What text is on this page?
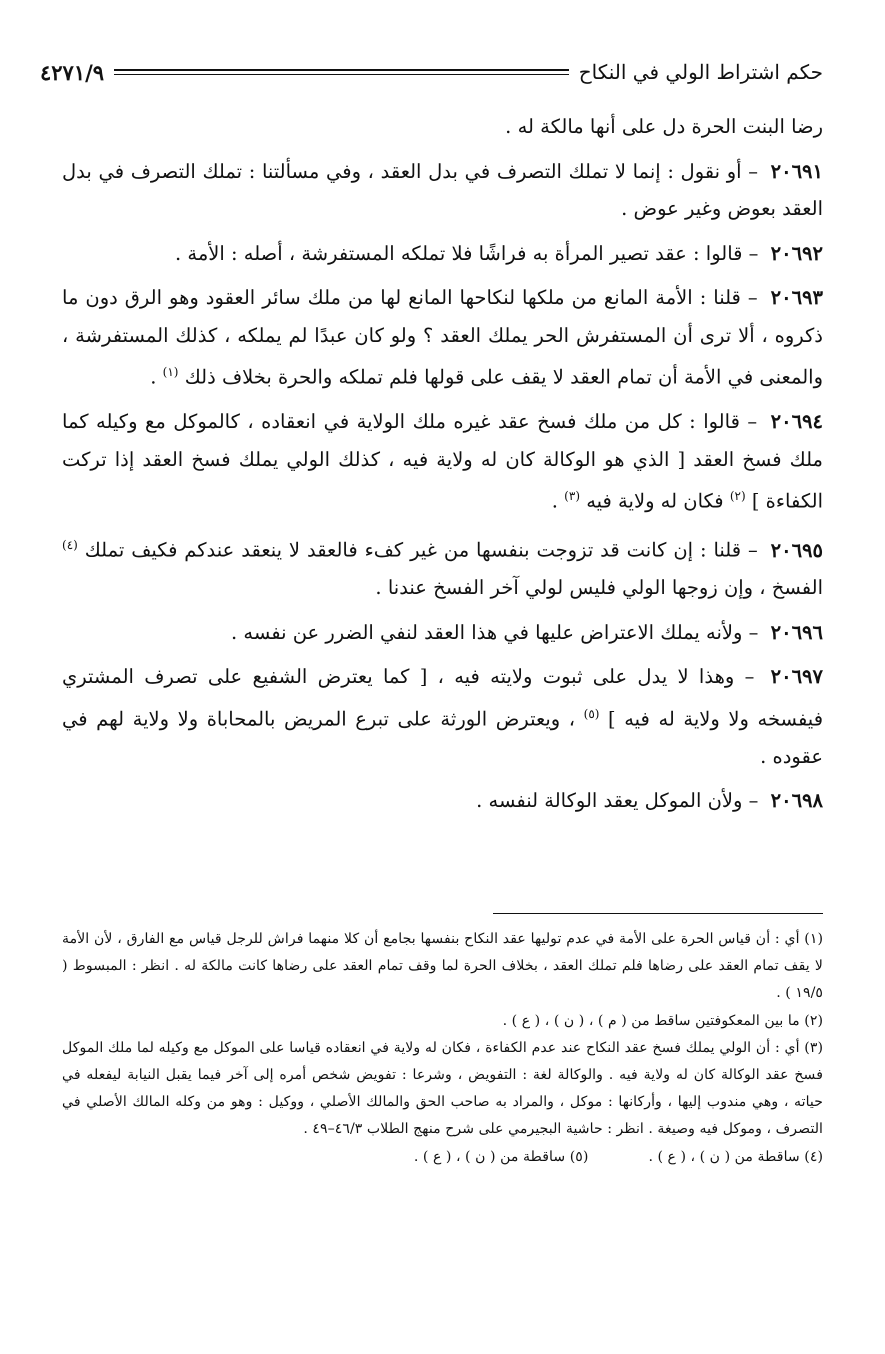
حكم اشتراط الولي في النكاح
٤٢٧١/٩

رضا البنت الحرة دل على أنها مالكة له .

٢٠٦٩١ – أو نقول : إنما لا تملك التصرف في بدل العقد ، وفي مسألتنا : تملك التصرف في بدل العقد بعوض وغير عوض .

٢٠٦٩٢ – قالوا : عقد تصير المرأة به فراشًا فلا تملكه المستفرشة ، أصله : الأمة .

٢٠٦٩٣ – قلنا : الأمة المانع من ملكها لنكاحها المانع لها من ملك سائر العقود وهو الرق دون ما ذكروه ، ألا ترى أن المستفرش الحر يملك العقد ؟ ولو كان عبدًا لم يملكه ، كذلك المستفرشة ، والمعنى في الأمة أن تمام العقد لا يقف على قولها فلم تملكه والحرة بخلاف ذلك $^{(١)}$ .

٢٠٦٩٤ – قالوا : كل من ملك فسخ عقد غيره ملك الولاية في انعقاده ، كالموكل مع وكيله كما ملك فسخ العقد [ الذي هو الوكالة كان له ولاية فيه ، كذلك الولي يملك فسخ العقد إذا تركت الكفاءة ] $^{(٢)}$ فكان له ولاية فيه $^{(٣)}$ .

٢٠٦٩٥ – قلنا : إن كانت قد تزوجت بنفسها من غير كفء فالعقد لا ينعقد عندكم فكيف تملك $^{(٤)}$ الفسخ ، وإن زوجها الولي فليس لولي آخر الفسخ عندنا .

٢٠٦٩٦ – ولأنه يملك الاعتراض عليها في هذا العقد لنفي الضرر عن نفسه .

٢٠٦٩٧ – وهذا لا يدل على ثبوت ولايته فيه ، [ كما يعترض الشفيع على تصرف المشتري فيفسخه ولا ولاية له فيه ] $^{(٥)}$ ، ويعترض الورثة على تبرع المريض بالمحاباة ولا ولاية لهم في عقوده .

٢٠٦٩٨ – ولأن الموكل يعقد الوكالة لنفسه .

(١) أي : أن قياس الحرة على الأمة في عدم توليها عقد النكاح بنفسها بجامع أن كلا منهما فراش للرجل قياس مع الفارق ، لأن الأمة لا يقف تمام العقد على رضاها فلم تملك العقد ، بخلاف الحرة لما وقف تمام العقد على رضاها كانت مالكة له . انظر : المبسوط ( ١٩/٥ ) .

(٢) ما بين المعكوفتين ساقط من ( م ) ، ( ن ) ، ( ع ) .

(٣) أي : أن الولي يملك فسخ عقد النكاح عند عدم الكفاءة ، فكان له ولاية في انعقاده قياسا على الموكل مع وكيله لما ملك الموكل فسخ عقد الوكالة كان له ولاية فيه . والوكالة لغة : التفويض ، وشرعا : تفويض شخص أمره إلى آخر فيما يقبل النيابة ليفعله في حياته ، وهي مندوب إليها ، وأركانها : موكل ، والمراد به صاحب الحق والمالك الأصلي ، ووكيل : وهو من وكله المالك الأصلي في التصرف ، وموكل فيه وصيغة . انظر : حاشية البجيرمي على شرح منهج الطلاب ٤٦/٣–٤٩ .

(٤) ساقطة من ( ن ) ، ( ع ) .
(٥) ساقطة من ( ن ) ، ( ع ) .
